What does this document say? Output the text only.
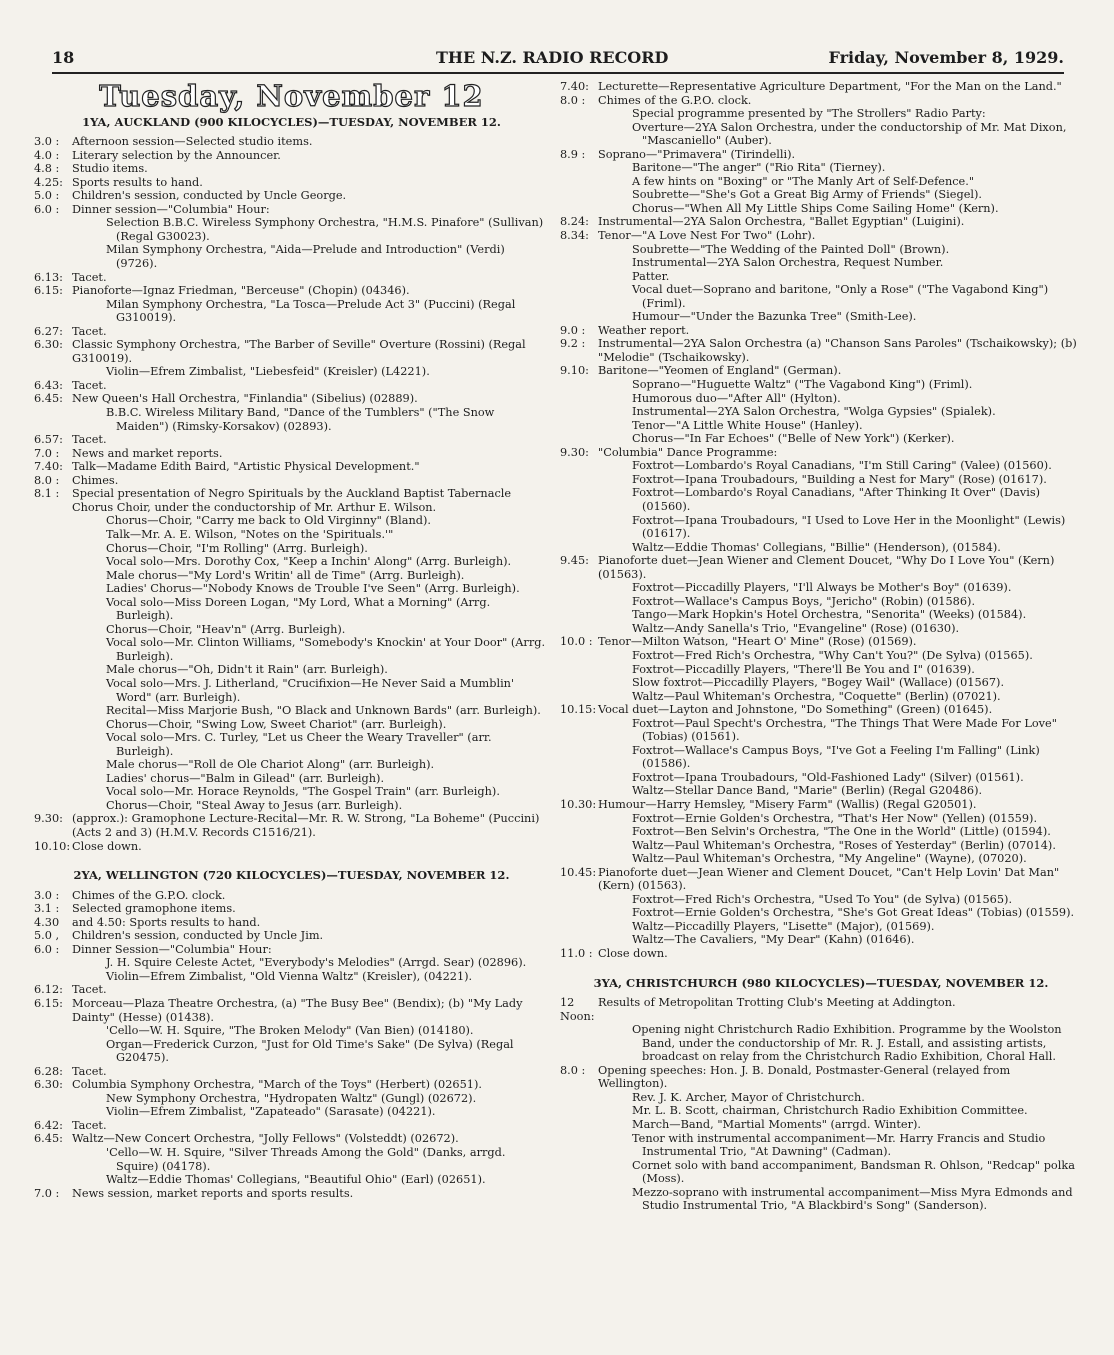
18	THE N.Z. RADIO RECORD	Friday, November 8, 1929.
Tuesday, November 12
1YA, AUCKLAND (900 KILOCYCLES)—TUESDAY, NOVEMBER 12.
3.0 :	Afternoon session—Selected studio items.
4.0 :	Literary selection by the Announcer.
4.8 :	Studio items.
4.25: Sports results to hand.
5.0 :	Children's session, conducted by Uncle George.
6.0 :	Dinner session—"Columbia" Hour:
Selection B.B.C. Wireless Symphony Orchestra, "H.M.S. Pinafore" (Sullivan) (Regal G30023).
Milan Symphony Orchestra, "Aida—Prelude and Introduction" (Verdi) (9726).
6.13: Tacet.
6.15: Pianoforte—Ignaz Friedman, "Berceuse" (Chopin) (04346).
Milan Symphony Orchestra, "La Tosca—Prelude Act 3" (Puccini) (Regal G310019).
6.27: Tacet.
6.30: Classic Symphony Orchestra, "The Barber of Seville" Overture (Rossini) (Regal G310019).
Violin—Efrem Zimbalist, "Liebesfeid" (Kreisler) (L4221).
6.43: Tacet.
6.45: New Queen's Hall Orchestra, "Finlandia" (Sibelius) (02889).
B.B.C. Wireless Military Band, "Dance of the Tumblers" ("The Snow Maiden") (Rimsky-Korsakov) (02893).
6.57: Tacet.
7.0 :	News and market reports.
7.40: Talk—Madame Edith Baird, "Artistic Physical Development."
8.0 :	Chimes.
8.1 :	Special presentation of Negro Spirituals by the Auckland Baptist Tabernacle Chorus Choir, under the conductorship of Mr. Arthur E. Wilson.
Chorus—Choir, "Carry me back to Old Virginny" (Bland).
Talk—Mr. A. E. Wilson, "Notes on the 'Spirituals.'"
Chorus—Choir, "I'm Rolling" (Arrg. Burleigh).
Vocal solo—Mrs. Dorothy Cox, "Keep a Inchin' Along" (Arrg. Burleigh).
Male chorus—"My Lord's Writin' all de Time" (Arrg. Burleigh).
Ladies' Chorus—"Nobody Knows de Trouble I've Seen" (Arrg. Burleigh).
Vocal solo—Miss Doreen Logan, "My Lord, What a Morning" (Arrg. Burleigh).
Chorus—Choir, "Heav'n" (Arrg. Burleigh).
Vocal solo—Mr. Clinton Williams, "Somebody's Knockin' at Your Door" (Arrg. Burleigh).
Male chorus—"Oh, Didn't it Rain" (arr. Burleigh).
Vocal solo—Mrs. J. Litherland, "Crucifixion—He Never Said a Mumblin' Word" (arr. Burleigh).
Recital—Miss Marjorie Bush, "O Black and Unknown Bards" (arr. Burleigh).
Chorus—Choir, "Swing Low, Sweet Chariot" (arr. Burleigh).
Vocal solo—Mrs. C. Turley, "Let us Cheer the Weary Traveller" (arr. Burleigh).
Male chorus—"Roll de Ole Chariot Along" (arr. Burleigh).
Ladies' chorus—"Balm in Gilead" (arr. Burleigh).
Vocal solo—Mr. Horace Reynolds, "The Gospel Train" (arr. Burleigh).
Chorus—Choir, "Steal Away to Jesus (arr. Burleigh).
9.30: (approx.): Gramophone Lecture-Recital—Mr. R. W. Strong, "La Boheme" (Puccini) (Acts 2 and 3) (H.M.V. Records C1516/21).
10.10: Close down.
2YA, WELLINGTON (720 KILOCYCLES)—TUESDAY, NOVEMBER 12.
3.0 :	Chimes of the G.P.O. clock.
3.1 :	Selected gramophone items.
4.30	and 4.50: Sports results to hand.
5.0 ,	Children's session, conducted by Uncle Jim.
6.0 :	Dinner Session—"Columbia" Hour:
J. H. Squire Celeste Actet, "Everybody's Melodies" (Arrgd. Sear) (02896).
Violin—Efrem Zimbalist, "Old Vienna Waltz" (Kreisler), (04221).
6.12: Tacet.
6.15: Morceau—Plaza Theatre Orchestra, (a) "The Busy Bee" (Bendix); (b) "My Lady Dainty" (Hesse) (01438).
'Cello—W. H. Squire, "The Broken Melody" (Van Bien) (014180).
Organ—Frederick Curzon, "Just for Old Time's Sake" (De Sylva) (Regal G20475).
6.28: Tacet.
6.30: Columbia Symphony Orchestra, "March of the Toys" (Herbert) (02651).
New Symphony Orchestra, "Hydropaten Waltz" (Gungl) (02672).
Violin—Efrem Zimbalist, "Zapateado" (Sarasate) (04221).
6.42: Tacet.
6.45: Waltz—New Concert Orchestra, "Jolly Fellows" (Volsteddt) (02672).
'Cello—W. H. Squire, "Silver Threads Among the Gold" (Danks, arrgd. Squire) (04178).
Waltz—Eddie Thomas' Collegians, "Beautiful Ohio" (Earl) (02651).
7.0 :	News session, market reports and sports results.
7.40: Lecturette—Representative Agriculture Department, "For the Man on the Land."
8.0 :	Chimes of the G.P.O. clock.
Special programme presented by "The Strollers" Radio Party:
Overture—2YA Salon Orchestra, under the conductorship of Mr. Mat Dixon, "Mascaniello" (Auber).
8.9 :	Soprano—"Primavera" (Tirindelli).
Baritone—"The anger" ("Rio Rita" (Tierney).
A few hints on "Boxing" or "The Manly Art of Self-Defence."
Soubrette—"She's Got a Great Big Army of Friends" (Siegel).
Chorus—"When All My Little Ships Come Sailing Home" (Kern).
8.24: Instrumental—2YA Salon Orchestra, "Ballet Egyptian" (Luigini).
8.34: Tenor—"A Love Nest For Two" (Lohr).
Soubrette—"The Wedding of the Painted Doll" (Brown).
Instrumental—2YA Salon Orchestra, Request Number.
Patter.
Vocal duet—Soprano and baritone, "Only a Rose" ("The Vagabond King") (Friml).
Humour—"Under the Bazunka Tree" (Smith-Lee).
9.0 :	Weather report.
9.2 :	Instrumental—2YA Salon Orchestra (a) "Chanson Sans Paroles" (Tschaikowsky); (b) "Melodie" (Tschaikowsky).
9.10: Baritone—"Yeomen of England" (German).
Soprano—"Huguette Waltz" ("The Vagabond King") (Friml).
Humorous duo—"After All" (Hylton).
Instrumental—2YA Salon Orchestra, "Wolga Gypsies" (Spialek).
Tenor—"A Little White House" (Hanley).
Chorus—"In Far Echoes" ("Belle of New York") (Kerker).
9.30: "Columbia" Dance Programme:
Foxtrot—Lombardo's Royal Canadians, "I'm Still Caring" (Valee) (01560).
Foxtrot—Ipana Troubadours, "Building a Nest for Mary" (Rose) (01617).
Foxtrot—Lombardo's Royal Canadians, "After Thinking It Over" (Davis) (01560).
Foxtrot—Ipana Troubadours, "I Used to Love Her in the Moonlight" (Lewis) (01617).
Waltz—Eddie Thomas' Collegians, "Billie" (Henderson), (01584).
9.45: Pianoforte duet—Jean Wiener and Clement Doucet, "Why Do I Love You" (Kern) (01563).
Foxtrot—Piccadilly Players, "I'll Always be Mother's Boy" (01639).
Foxtrot—Wallace's Campus Boys, "Jericho" (Robin) (01586).
Tango—Mark Hopkin's Hotel Orchestra, "Senorita" (Weeks) (01584).
Waltz—Andy Sanella's Trio, "Evangeline" (Rose) (01630).
10.0 : Tenor—Milton Watson, "Heart O' Mine" (Rose) (01569).
Foxtrot—Fred Rich's Orchestra, "Why Can't You?" (De Sylva) (01565).
Foxtrot—Piccadilly Players, "There'll Be You and I" (01639).
Slow foxtrot—Piccadilly Players, "Bogey Wail" (Wallace) (01567).
Waltz—Paul Whiteman's Orchestra, "Coquette" (Berlin) (07021).
10.15: Vocal duet—Layton and Johnstone, "Do Something" (Green) (01645).
Foxtrot—Paul Specht's Orchestra, "The Things That Were Made For Love" (Tobias) (01561).
Foxtrot—Wallace's Campus Boys, "I've Got a Feeling I'm Falling" (Link) (01586).
Foxtrot—Ipana Troubadours, "Old-Fashioned Lady" (Silver) (01561).
Waltz—Stellar Dance Band, "Marie" (Berlin) (Regal G20486).
10.30: Humour—Harry Hemsley, "Misery Farm" (Wallis) (Regal G20501).
Foxtrot—Ernie Golden's Orchestra, "That's Her Now" (Yellen) (01559).
Foxtrot—Ben Selvin's Orchestra, "The One in the World" (Little) (01594).
Waltz—Paul Whiteman's Orchestra, "Roses of Yesterday" (Berlin) (07014).
Waltz—Paul Whiteman's Orchestra, "My Angeline" (Wayne), (07020).
10.45: Pianoforte duet—Jean Wiener and Clement Doucet, "Can't Help Lovin' Dat Man" (Kern) (01563).
Foxtrot—Fred Rich's Orchestra, "Used To You" (de Sylva) (01565).
Foxtrot—Ernie Golden's Orchestra, "She's Got Great Ideas" (Tobias) (01559).
Waltz—Piccadilly Players, "Lisette" (Major), (01569).
Waltz—The Cavaliers, "My Dear" (Kahn) (01646).
11.0 : Close down.
3YA, CHRISTCHURCH (980 KILOCYCLES)—TUESDAY, NOVEMBER 12.
12 Noon:
Results of Metropolitan Trotting Club's Meeting at Addington.
Opening night Christchurch Radio Exhibition. Programme by the Woolston Band, under the conductorship of Mr. R. J. Estall, and assisting artists, broadcast on relay from the Christchurch Radio Exhibition, Choral Hall.
8.0 :	Opening speeches: Hon. J. B. Donald, Postmaster-General (relayed from Wellington).
Rev. J. K. Archer, Mayor of Christchurch.
Mr. L. B. Scott, chairman, Christchurch Radio Exhibition Committee.
March—Band, "Martial Moments" (arrgd. Winter).
Tenor with instrumental accompaniment—Mr. Harry Francis and Studio Instrumental Trio, "At Dawning" (Cadman).
Cornet solo with band accompaniment, Bandsman R. Ohlson, "Redcap" polka (Moss).
Mezzo-soprano with instrumental accompaniment—Miss Myra Edmonds and Studio Instrumental Trio, "A Blackbird's Song" (Sanderson).
